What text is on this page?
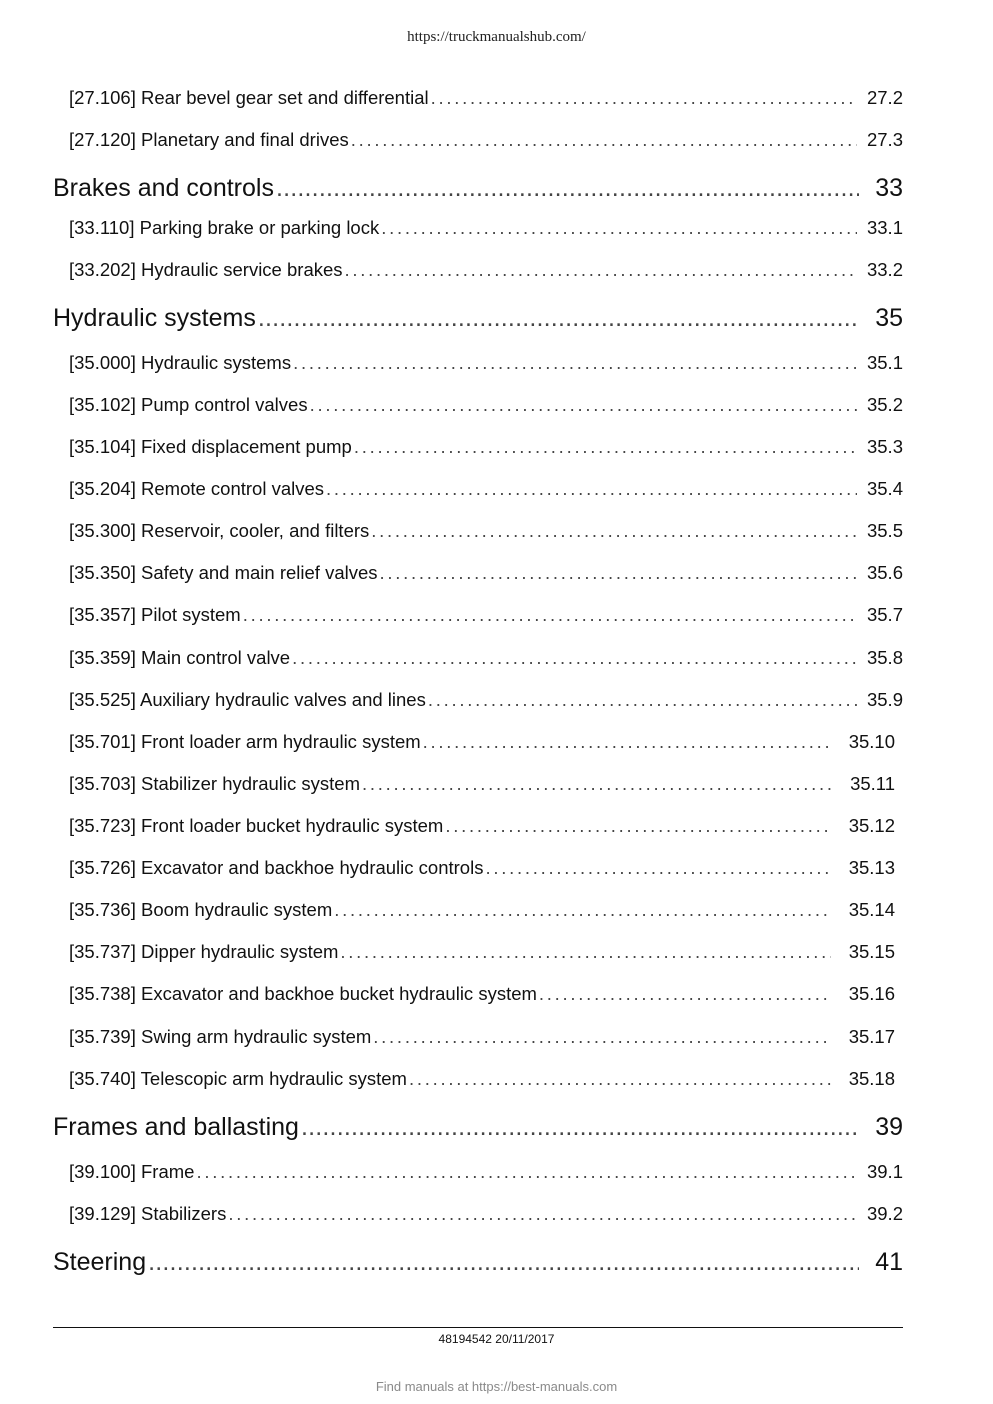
https://truckmanualshub.com/
[27.106] Rear bevel gear set and differential . . .	27.2
[27.120] Planetary and final drives . . .	27.3
Brakes and controls .....	33
[33.110] Parking brake or parking lock . . .	33.1
[33.202] Hydraulic service brakes . . .	33.2
Hydraulic systems .....	35
[35.000] Hydraulic systems . . .	35.1
[35.102] Pump control valves . . .	35.2
[35.104] Fixed displacement pump . . .	35.3
[35.204] Remote control valves . . .	35.4
[35.300] Reservoir, cooler, and filters . . .	35.5
[35.350] Safety and main relief valves . . .	35.6
[35.357] Pilot system . . .	35.7
[35.359] Main control valve . . .	35.8
[35.525] Auxiliary hydraulic valves and lines . . .	35.9
[35.701] Front loader arm hydraulic system . . .	35.10
[35.703] Stabilizer hydraulic system . . .	35.11
[35.723] Front loader bucket hydraulic system . . .	35.12
[35.726] Excavator and backhoe hydraulic controls . . .	35.13
[35.736] Boom hydraulic system . . .	35.14
[35.737] Dipper hydraulic system . . .	35.15
[35.738] Excavator and backhoe bucket hydraulic system . . .	35.16
[35.739] Swing arm hydraulic system . . .	35.17
[35.740] Telescopic arm hydraulic system . . .	35.18
Frames and ballasting .....	39
[39.100] Frame . . .	39.1
[39.129] Stabilizers . . .	39.2
Steering .....	41
48194542 20/11/2017
Find manuals at https://best-manuals.com
